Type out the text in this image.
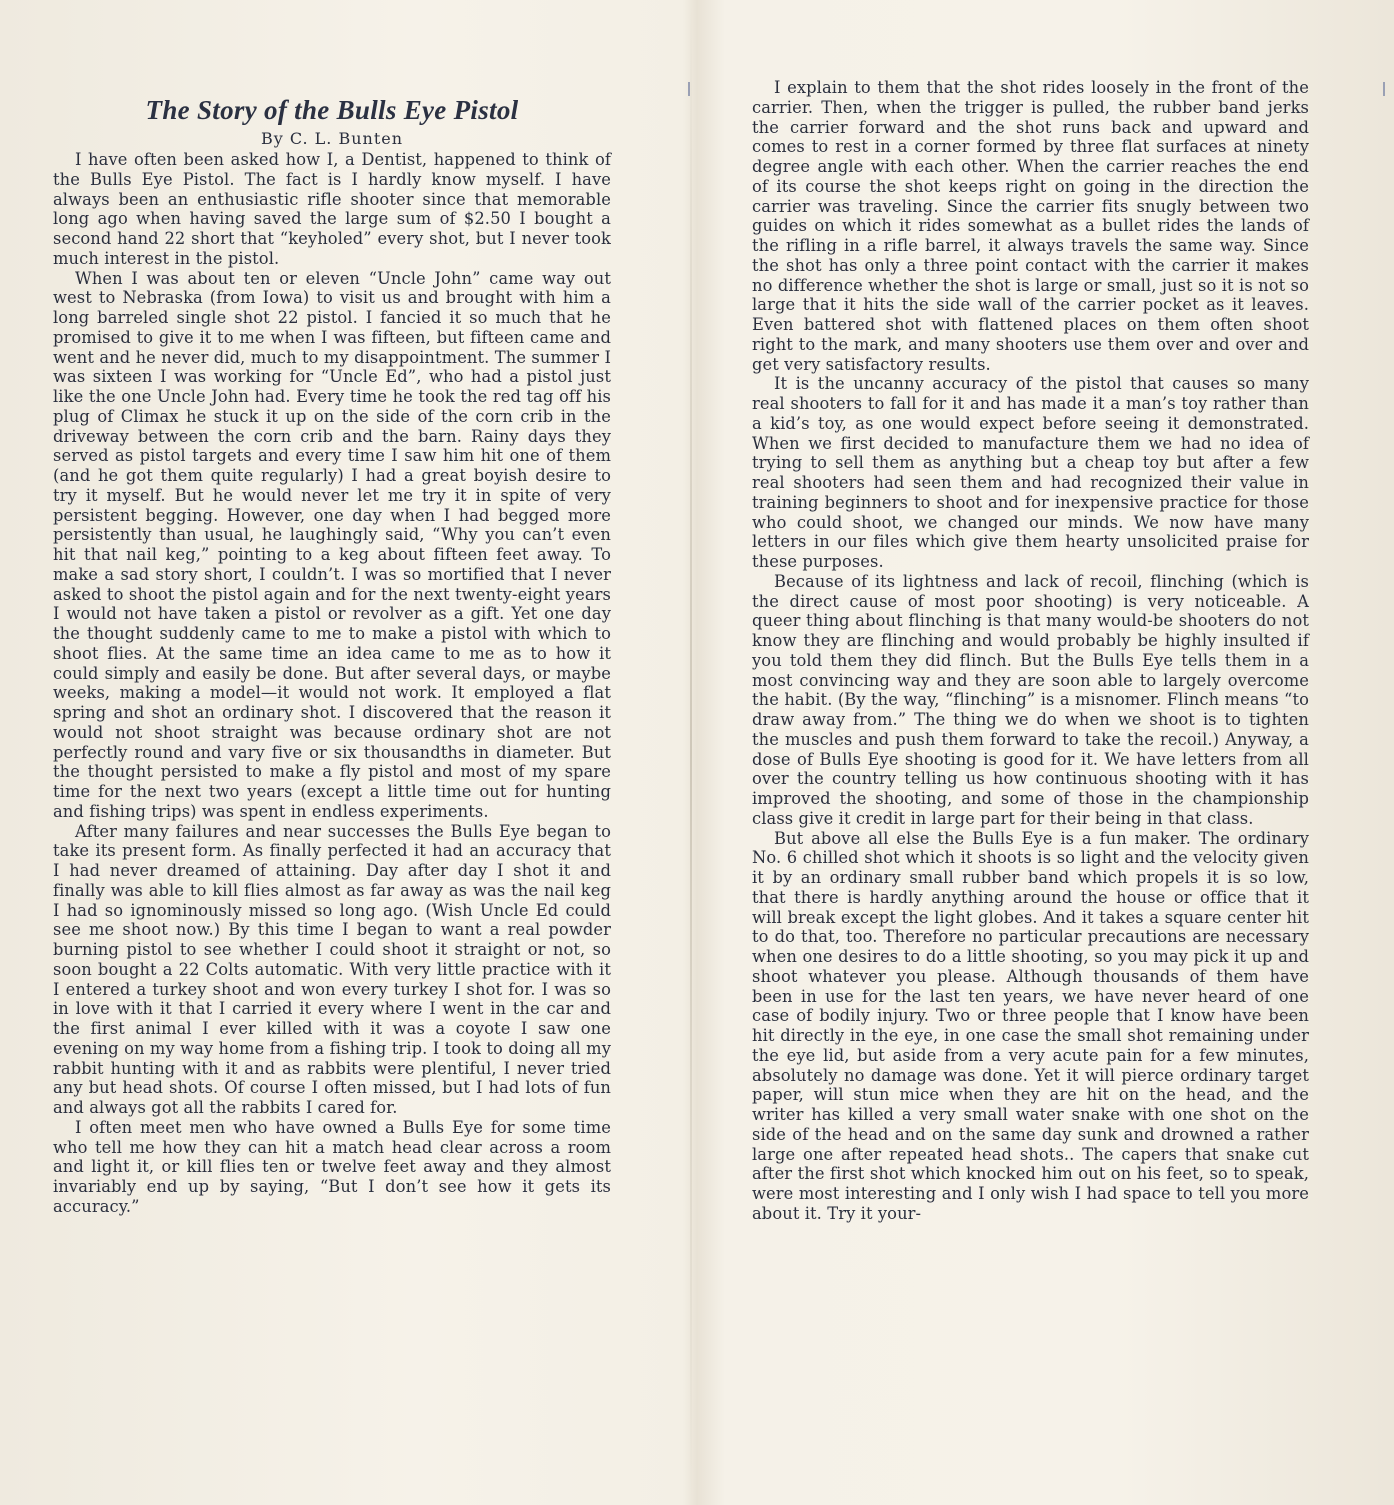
The Story of the Bulls Eye Pistol
By C. L. Bunten

I have often been asked how I, a Dentist, happened to think of the Bulls Eye Pistol. The fact is I hardly know myself. I have always been an enthusiastic rifle shooter since that memorable long ago when having saved the large sum of $2.50 I bought a second hand 22 short that “keyholed” every shot, but I never took much interest in the pistol.

When I was about ten or eleven “Uncle John” came way out west to Nebraska (from Iowa) to visit us and brought with him a long barreled single shot 22 pistol. I fancied it so much that he promised to give it to me when I was fifteen, but fifteen came and went and he never did, much to my disappointment. The summer I was sixteen I was working for “Uncle Ed”, who had a pistol just like the one Uncle John had. Every time he took the red tag off his plug of Climax he stuck it up on the side of the corn crib in the driveway between the corn crib and the barn. Rainy days they served as pistol targets and every time I saw him hit one of them (and he got them quite regularly) I had a great boyish desire to try it myself. But he would never let me try it in spite of very persistent begging. However, one day when I had begged more persistently than usual, he laughingly said, “Why you can’t even hit that nail keg,” pointing to a keg about fifteen feet away. To make a sad story short, I couldn’t. I was so mortified that I never asked to shoot the pistol again and for the next twenty-eight years I would not have taken a pistol or revolver as a gift. Yet one day the thought suddenly came to me to make a pistol with which to shoot flies. At the same time an idea came to me as to how it could simply and easily be done. But after several days, or maybe weeks, making a model—it would not work. It employed a flat spring and shot an ordinary shot. I discovered that the reason it would not shoot straight was because ordinary shot are not perfectly round and vary five or six thousandths in diameter. But the thought persisted to make a fly pistol and most of my spare time for the next two years (except a little time out for hunting and fishing trips) was spent in endless experiments.

After many failures and near successes the Bulls Eye began to take its present form. As finally perfected it had an accuracy that I had never dreamed of attaining. Day after day I shot it and finally was able to kill flies almost as far away as was the nail keg I had so ignominously missed so long ago. (Wish Uncle Ed could see me shoot now.) By this time I began to want a real powder burning pistol to see whether I could shoot it straight or not, so soon bought a 22 Colts automatic. With very little practice with it I entered a turkey shoot and won every turkey I shot for. I was so in love with it that I carried it every where I went in the car and the first animal I ever killed with it was a coyote I saw one evening on my way home from a fishing trip. I took to doing all my rabbit hunting with it and as rabbits were plentiful, I never tried any but head shots. Of course I often missed, but I had lots of fun and always got all the rabbits I cared for.

I often meet men who have owned a Bulls Eye for some time who tell me how they can hit a match head clear across a room and light it, or kill flies ten or twelve feet away and they almost invariably end up by saying, “But I don’t see how it gets its accuracy.”

I explain to them that the shot rides loosely in the front of the carrier. Then, when the trigger is pulled, the rubber band jerks the carrier forward and the shot runs back and upward and comes to rest in a corner formed by three flat surfaces at ninety degree angle with each other. When the carrier reaches the end of its course the shot keeps right on going in the direction the carrier was traveling. Since the carrier fits snugly between two guides on which it rides somewhat as a bullet rides the lands of the rifling in a rifle barrel, it always travels the same way. Since the shot has only a three point contact with the carrier it makes no difference whether the shot is large or small, just so it is not so large that it hits the side wall of the carrier pocket as it leaves. Even battered shot with flattened places on them often shoot right to the mark, and many shooters use them over and over and get very satisfactory results.

It is the uncanny accuracy of the pistol that causes so many real shooters to fall for it and has made it a man’s toy rather than a kid’s toy, as one would expect before seeing it demonstrated. When we first decided to manufacture them we had no idea of trying to sell them as anything but a cheap toy but after a few real shooters had seen them and had recognized their value in training beginners to shoot and for inexpensive practice for those who could shoot, we changed our minds. We now have many letters in our files which give them hearty unsolicited praise for these purposes.

Because of its lightness and lack of recoil, flinching (which is the direct cause of most poor shooting) is very noticeable. A queer thing about flinching is that many would-be shooters do not know they are flinching and would probably be highly insulted if you told them they did flinch. But the Bulls Eye tells them in a most convincing way and they are soon able to largely overcome the habit. (By the way, “flinching” is a misnomer. Flinch means “to draw away from.” The thing we do when we shoot is to tighten the muscles and push them forward to take the recoil.) Anyway, a dose of Bulls Eye shooting is good for it. We have letters from all over the country telling us how continuous shooting with it has improved the shooting, and some of those in the championship class give it credit in large part for their being in that class.

But above all else the Bulls Eye is a fun maker. The ordinary No. 6 chilled shot which it shoots is so light and the velocity given it by an ordinary small rubber band which propels it is so low, that there is hardly anything around the house or office that it will break except the light globes. And it takes a square center hit to do that, too. Therefore no particular precautions are necessary when one desires to do a little shooting, so you may pick it up and shoot whatever you please. Although thousands of them have been in use for the last ten years, we have never heard of one case of bodily injury. Two or three people that I know have been hit directly in the eye, in one case the small shot remaining under the eye lid, but aside from a very acute pain for a few minutes, absolutely no damage was done. Yet it will pierce ordinary target paper, will stun mice when they are hit on the head, and the writer has killed a very small water snake with one shot on the side of the head and on the same day sunk and drowned a rather large one after repeated head shots.. The capers that snake cut after the first shot which knocked him out on his feet, so to speak, were most interesting and I only wish I had space to tell you more about it. Try it your-
